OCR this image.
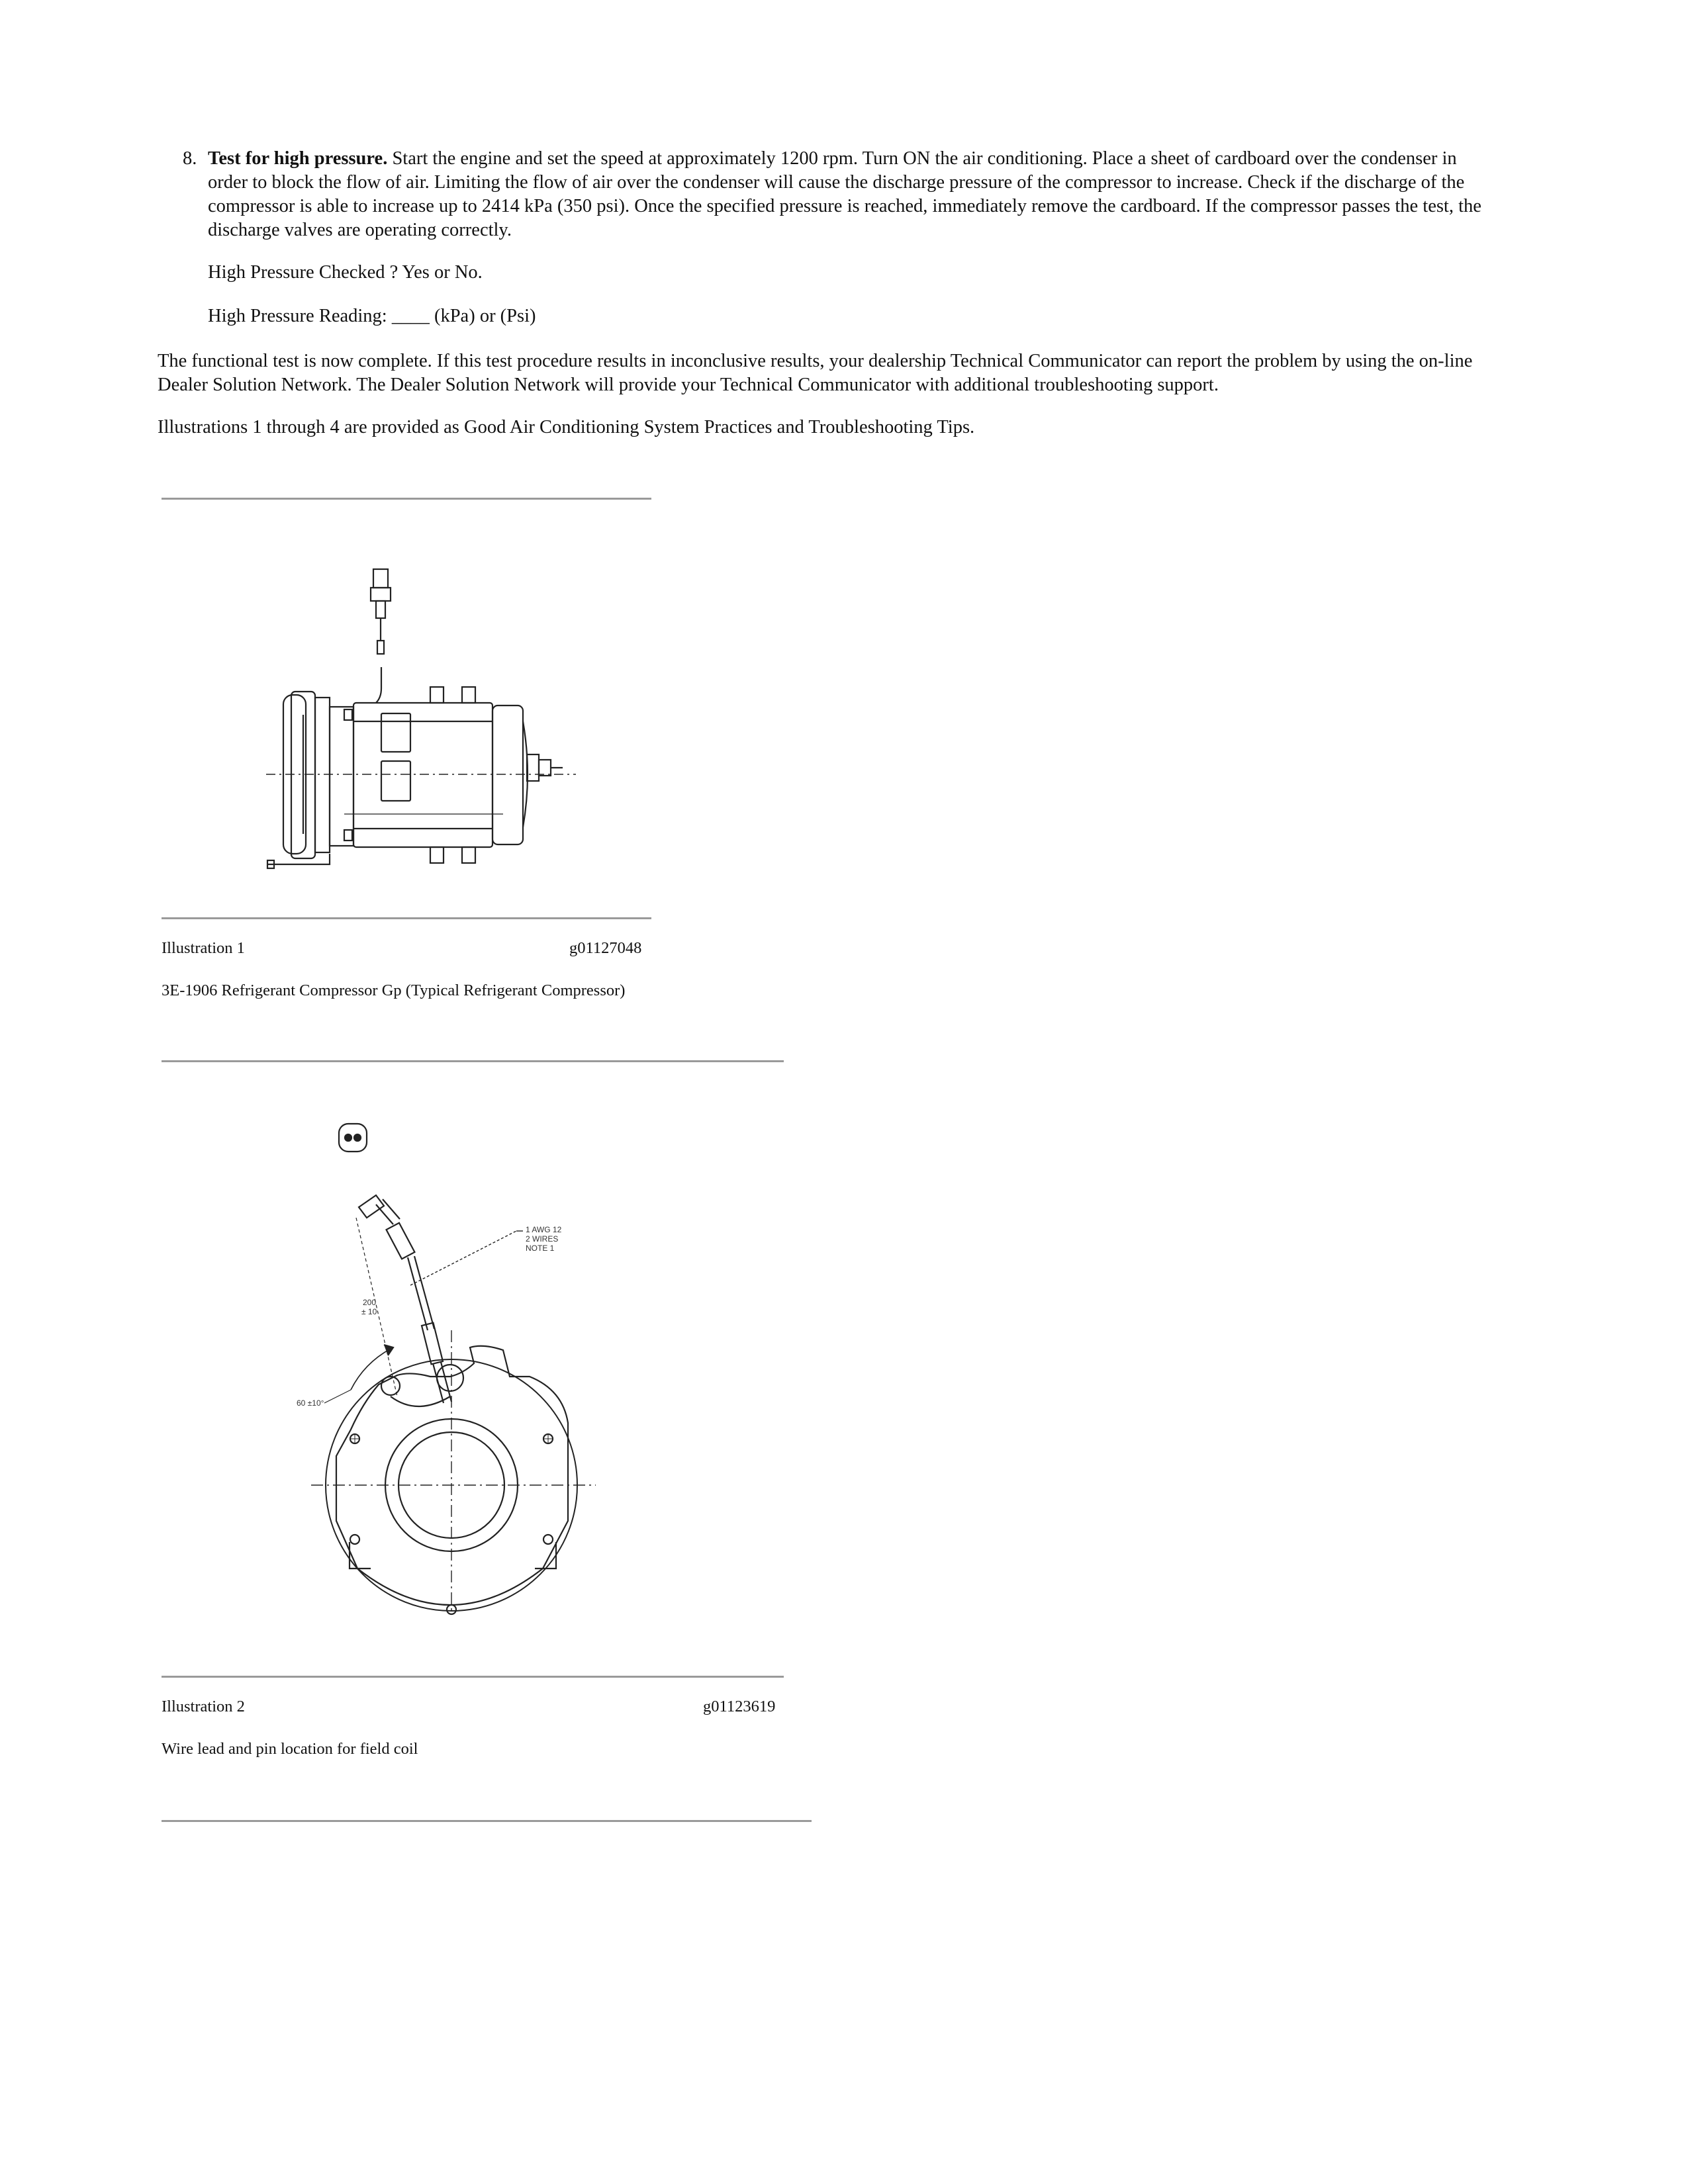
8. Test for high pressure. Start the engine and set the speed at approximately 1200 rpm. Turn ON the air conditioning. Place a sheet of cardboard over the condenser in order to block the flow of air. Limiting the flow of air over the condenser will cause the discharge pressure of the compressor to increase. Check if the discharge of the compressor is able to increase up to 2414 kPa (350 psi). Once the specified pressure is reached, immediately remove the cardboard. If the compressor passes the test, the discharge valves are operating correctly.
High Pressure Checked ? Yes or No.
High Pressure Reading: ____ (kPa) or (Psi)
The functional test is now complete. If this test procedure results in inconclusive results, your dealership Technical Communicator can report the problem by using the on-line Dealer Solution Network. The Dealer Solution Network will provide your Technical Communicator with additional troubleshooting support.
Illustrations 1 through 4 are provided as Good Air Conditioning System Practices and Troubleshooting Tips.
Illustration 1	g01127048
3E-1906 Refrigerant Compressor Gp (Typical Refrigerant Compressor)
1 AWG 12
2 WIRES
NOTE 1
200
± 10
60 ±10°
Illustration 2	g01123619
Wire lead and pin location for field coil
